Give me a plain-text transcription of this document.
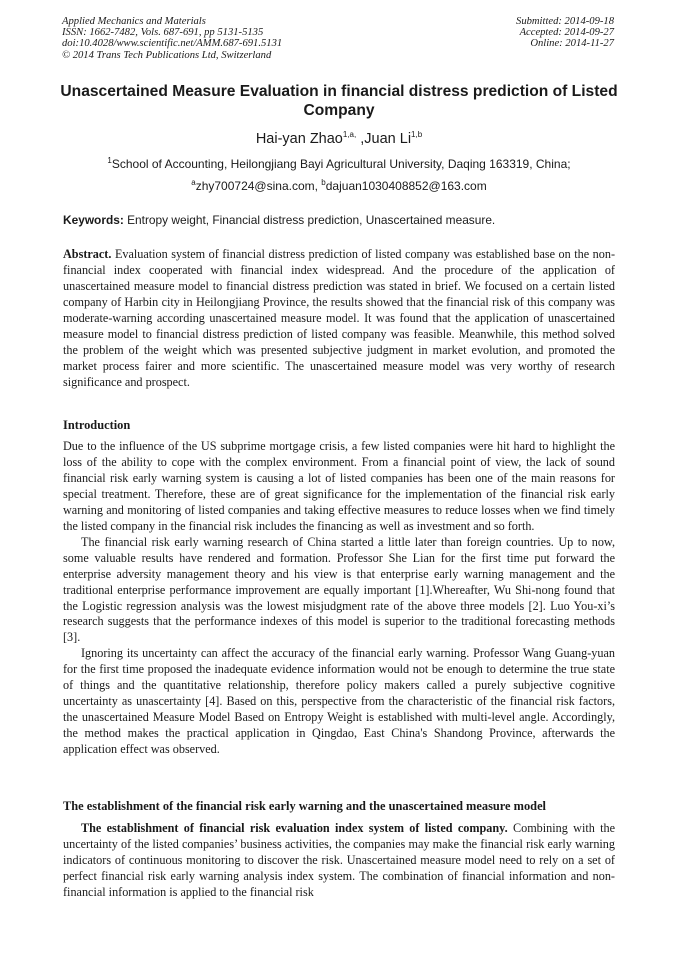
Applied Mechanics and Materials
ISSN: 1662-7482, Vols. 687-691, pp 5131-5135
doi:10.4028/www.scientific.net/AMM.687-691.5131
© 2014 Trans Tech Publications Ltd, Switzerland
Submitted: 2014-09-18
Accepted: 2014-09-27
Online: 2014-11-27
Unascertained Measure Evaluation in financial distress prediction of Listed Company
Hai-yan Zhao$^{1,a,}$ ,Juan Li$^{1,b}$
$^1$School of Accounting, Heilongjiang Bayi Agricultural University, Daqing 163319, China;
$^a$zhy700724@sina.com, $^b$dajuan1030408852@163.com
Keywords: Entropy weight, Financial distress prediction, Unascertained measure.
Abstract. Evaluation system of financial distress prediction of listed company was established base on the non-financial index cooperated with financial index widespread. And the procedure of the application of unascertained measure model to financial distress prediction was stated in brief. We focused on a certain listed company of Harbin city in Heilongjiang Province, the results showed that the financial risk of this company was moderate-warning according unascertained measure model. It was found that the application of unascertained measure model to financial distress prediction of listed company was feasible. Meanwhile, this method solved the problem of the weight which was presented subjective judgment in market evolution, and promoted the market process fairer and more scientific. The unascertained measure model was very worthy of research significance and prospect.
Introduction

Due to the influence of the US subprime mortgage crisis, a few listed companies were hit hard to highlight the loss of the ability to cope with the complex environment. From a financial point of view, the lack of sound financial risk early warning system is causing a lot of listed companies has been one of the main reasons for special treatment. Therefore, these are of great significance for the implementation of the financial risk early warning and monitoring of listed companies and taking effective measures to reduce losses when we find timely the listed company in the financial risk includes the financing as well as investment and so forth.

The financial risk early warning research of China started a little later than foreign countries. Up to now, some valuable results have rendered and formation. Professor She Lian for the first time put forward the enterprise adversity management theory and his view is that enterprise early warning management and the traditional enterprise performance improvement are equally important [1].Whereafter, Wu Shi-nong found that the Logistic regression analysis was the lowest misjudgment rate of the above three models [2]. Luo You-xi’s research suggests that the performance indexes of this model is superior to the traditional forecasting methods [3].

Ignoring its uncertainty can affect the accuracy of the financial early warning. Professor Wang Guang-yuan for the first time proposed the inadequate evidence information would not be enough to determine the true state of things and the quantitative relationship, therefore policy makers called a purely subjective cognitive uncertainty as unascertainty [4]. Based on this, perspective from the characteristic of the financial risk factors, the unascertained Measure Model Based on Entropy Weight is established with multi-level angle. Accordingly, the method makes the practical application in Qingdao, East China's Shandong Province, afterwards the application effect was observed.

The establishment of the financial risk early warning and the unascertained measure model

The establishment of financial risk evaluation index system of listed company. Combining with the uncertainty of the listed companies’ business activities, the companies may make the financial risk early warning indicators of continuous monitoring to discover the risk. Unascertained measure model need to rely on a set of perfect financial risk early warning analysis index system. The combination of financial information and non-financial information is applied to the financial risk
